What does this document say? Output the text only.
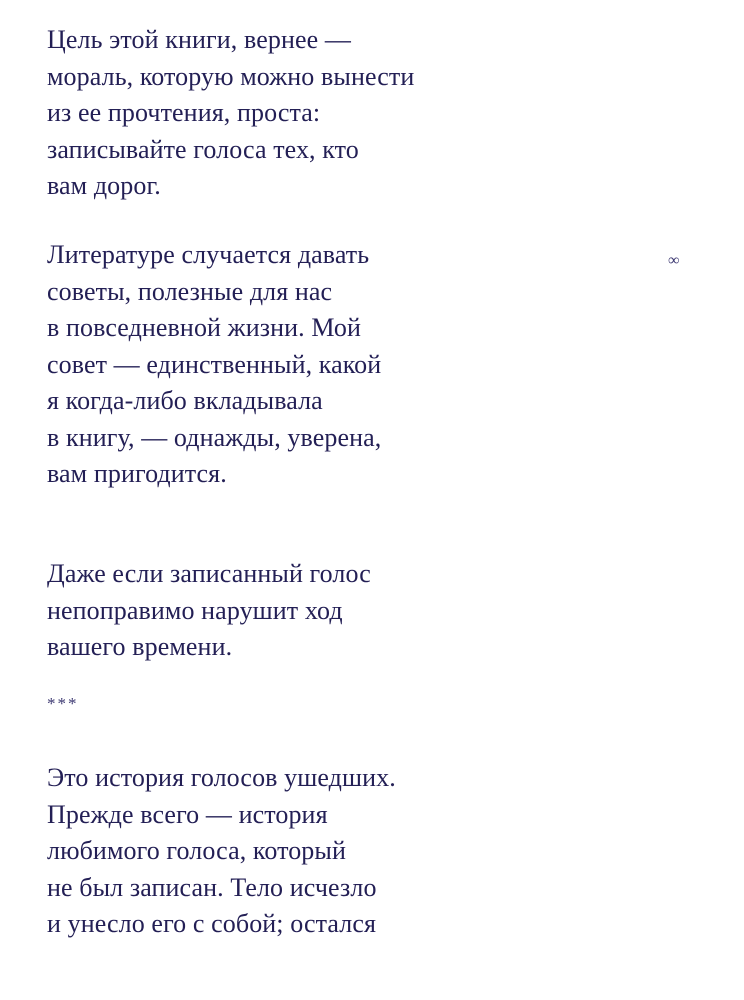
Цель этой книги, вернее —
мораль, которую можно вынести
из ее прочтения, проста:
записывайте голоса тех, кто
вам дорог.
∞
Литературе случается давать
советы, полезные для нас
в повседневной жизни. Мой
совет — единственный, какой
я когда-либо вкладывала
в книгу, — однажды, уверена,
вам пригодится.
Даже если записанный голос
непоправимо нарушит ход
вашего времени.
***
Это история голосов ушедших.
Прежде всего — история
любимого голоса, который
не был записан. Тело исчезло
и унесло его с собой; остался
